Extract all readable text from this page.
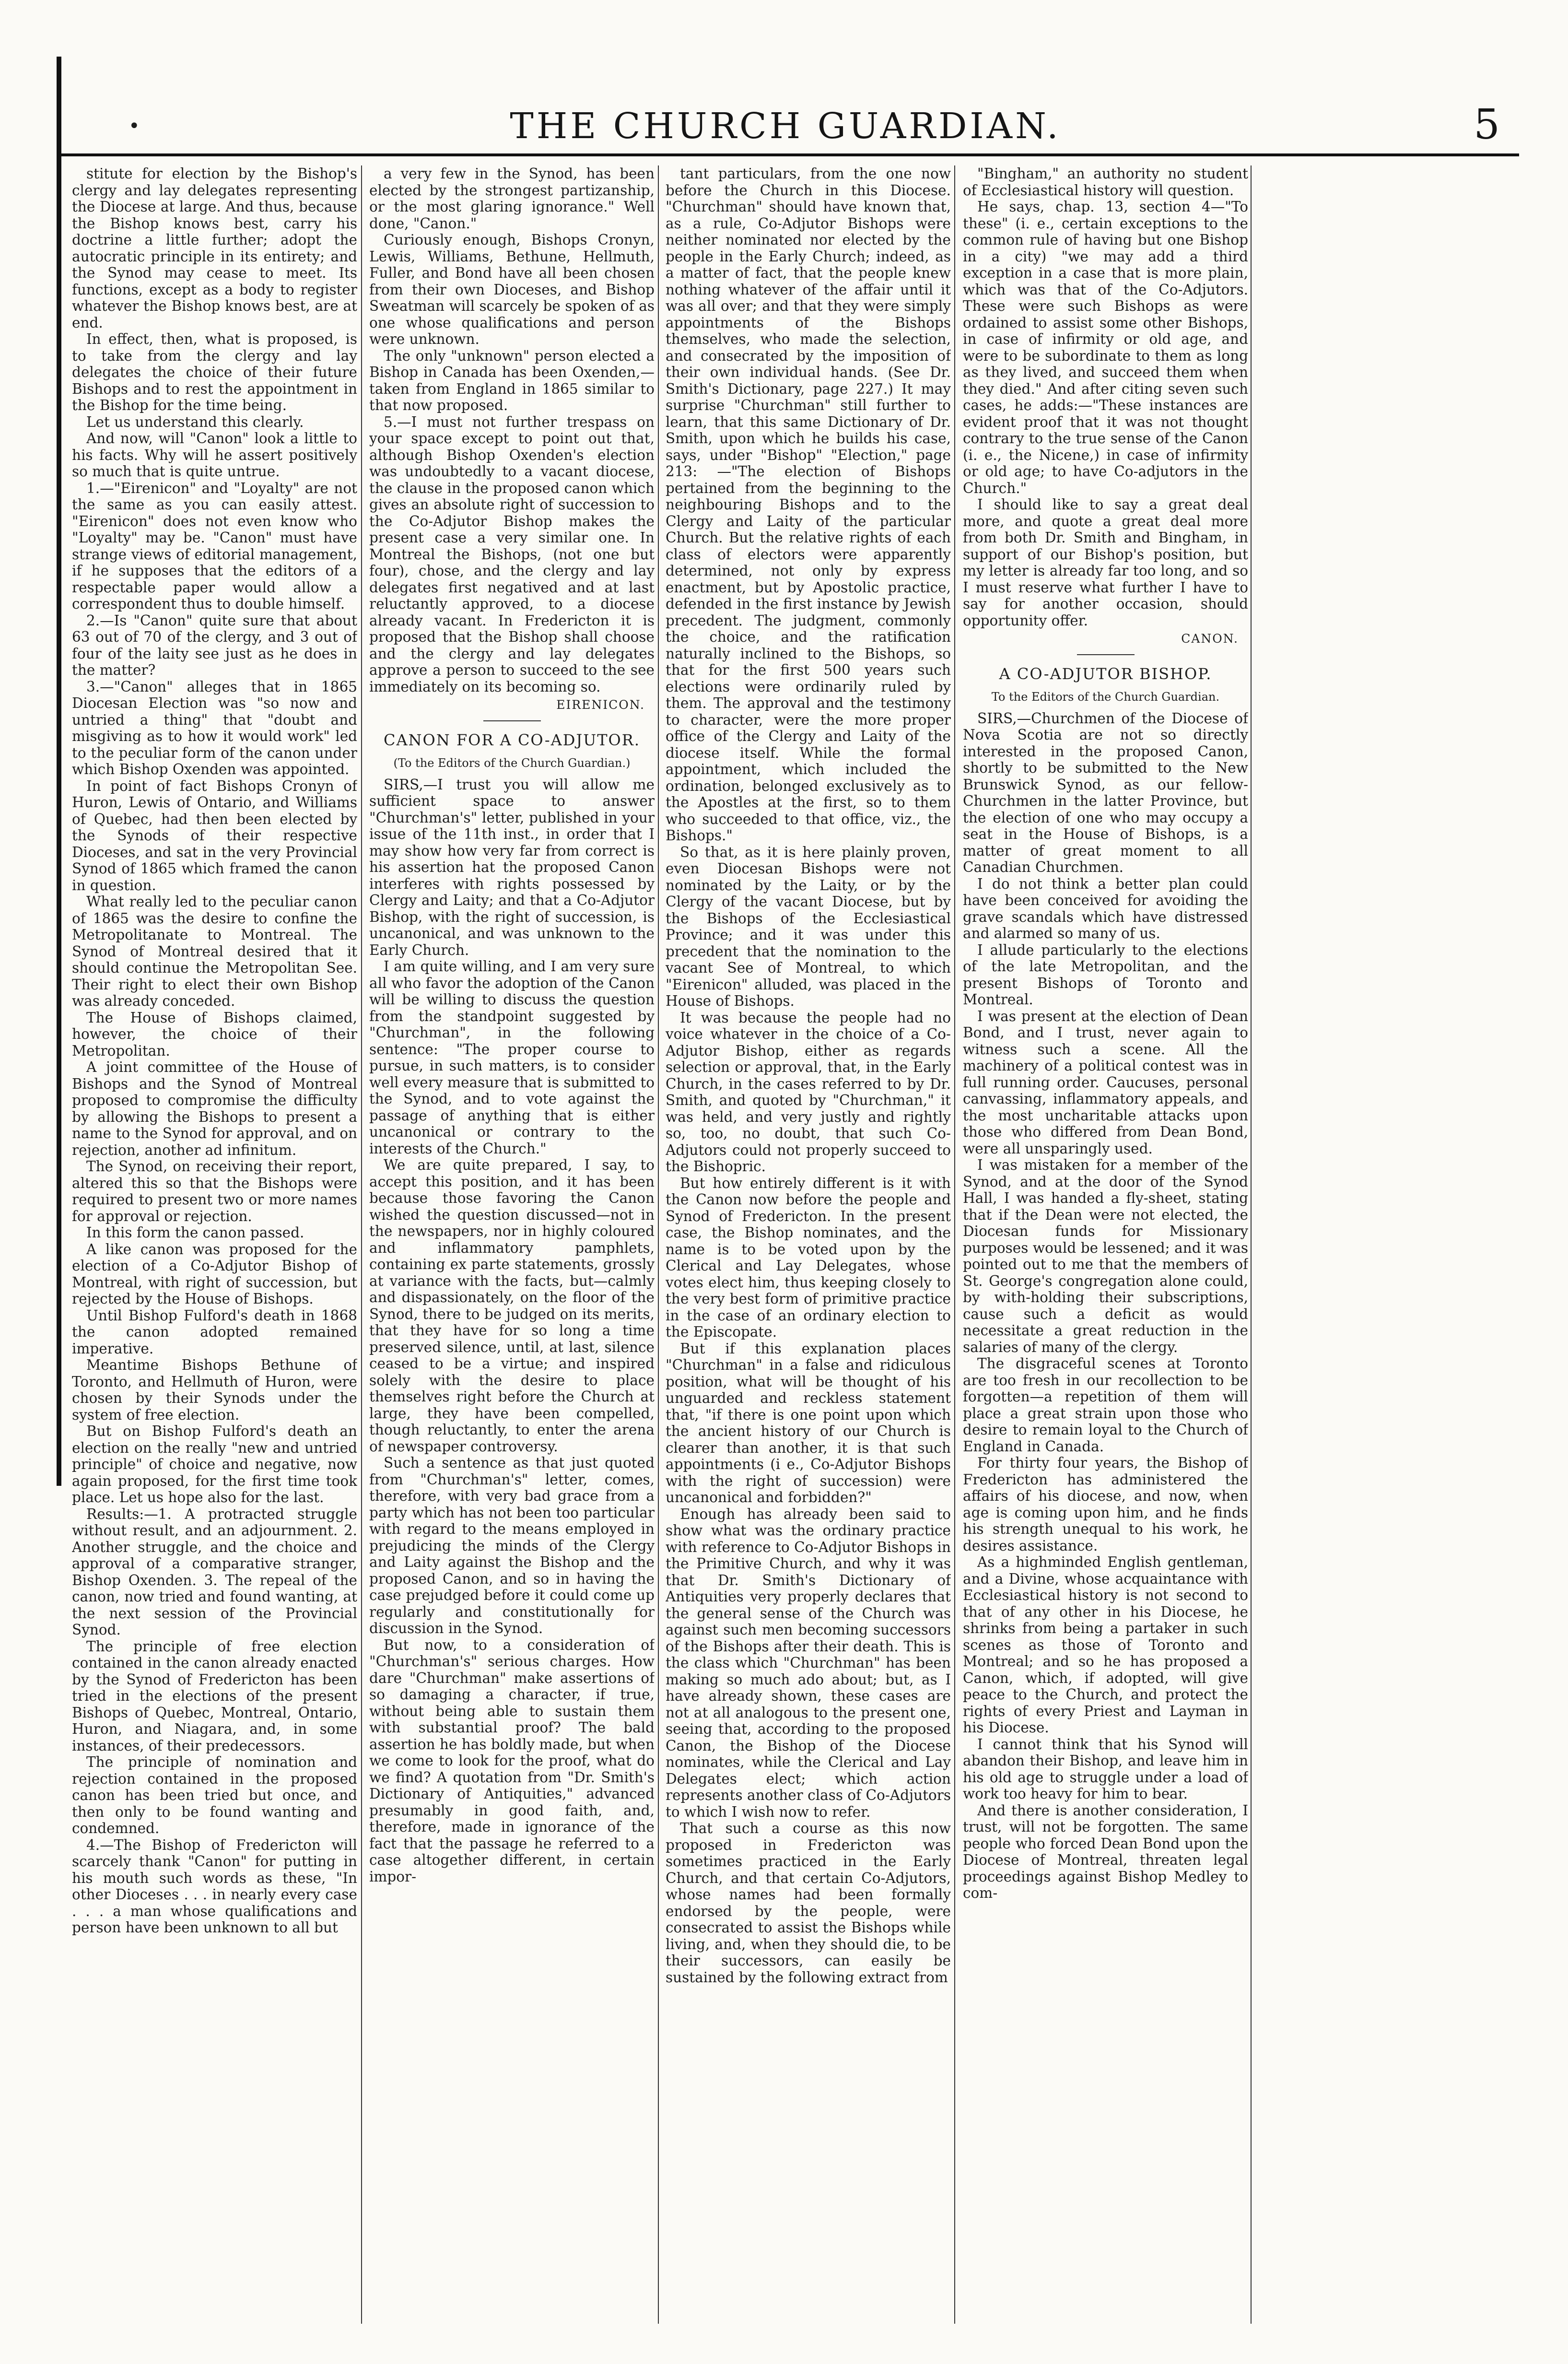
•	THE CHURCH GUARDIAN.	5

stitute for election by the Bishop's clergy and lay delegates representing the Diocese at large. And thus, because the Bishop knows best, carry his doctrine a little further; adopt the autocratic principle in its entirety; and the Synod may cease to meet. Its functions, except as a body to register whatever the Bishop knows best, are at end.

In effect, then, what is proposed, is to take from the clergy and lay delegates the choice of their future Bishops and to rest the appointment in the Bishop for the time being.

Let us understand this clearly.

And now, will "Canon" look a little to his facts. Why will he assert positively so much that is quite untrue.

1.—"Eirenicon" and "Loyalty" are not the same as you can easily attest. "Eirenicon" does not even know who "Loyalty" may be. "Canon" must have strange views of editorial management, if he supposes that the editors of a respectable paper would allow a correspondent thus to double himself.

2.—Is "Canon" quite sure that about 63 out of 70 of the clergy, and 3 out of four of the laity see just as he does in the matter?

3.—"Canon" alleges that in 1865 Diocesan Election was "so now and untried a thing" that "doubt and misgiving as to how it would work" led to the peculiar form of the canon under which Bishop Oxenden was appointed.

In point of fact Bishops Cronyn of Huron, Lewis of Ontario, and Williams of Quebec, had then been elected by the Synods of their respective Dioceses, and sat in the very Provincial Synod of 1865 which framed the canon in question.

What really led to the peculiar canon of 1865 was the desire to confine the Metropolitanate to Montreal. The Synod of Montreal desired that it should continue the Metropolitan See. Their right to elect their own Bishop was already conceded.

The House of Bishops claimed, however, the choice of their Metropolitan.

A joint committee of the House of Bishops and the Synod of Montreal proposed to compromise the difficulty by allowing the Bishops to present a name to the Synod for approval, and on rejection, another ad infinitum.

The Synod, on receiving their report, altered this so that the Bishops were required to present two or more names for approval or rejection.

In this form the canon passed.

A like canon was proposed for the election of a Co-Adjutor Bishop of Montreal, with right of succession, but rejected by the House of Bishops.

Until Bishop Fulford's death in 1868 the canon adopted remained imperative.

Meantime Bishops Bethune of Toronto, and Hellmuth of Huron, were chosen by their Synods under the system of free election.

But on Bishop Fulford's death an election on the really "new and untried principle" of choice and negative, now again proposed, for the first time took place. Let us hope also for the last.

Results:—1. A protracted struggle without result, and an adjournment. 2. Another struggle, and the choice and approval of a comparative stranger, Bishop Oxenden. 3. The repeal of the canon, now tried and found wanting, at the next session of the Provincial Synod.

The principle of free election contained in the canon already enacted by the Synod of Fredericton has been tried in the elections of the present Bishops of Quebec, Montreal, Ontario, Huron, and Niagara, and, in some instances, of their predecessors.

The principle of nomination and rejection contained in the proposed canon has been tried but once, and then only to be found wanting and condemned.

4.—The Bishop of Fredericton will scarcely thank "Canon" for putting in his mouth such words as these, "In other Dioceses . . . in nearly every case . . . a man whose qualifications and person have been unknown to all but

a very few in the Synod, has been elected by the strongest partizanship, or the most glaring ignorance." Well done, "Canon."

Curiously enough, Bishops Cronyn, Lewis, Williams, Bethune, Hellmuth, Fuller, and Bond have all been chosen from their own Dioceses, and Bishop Sweatman will scarcely be spoken of as one whose qualifications and person were unknown.

The only "unknown" person elected a Bishop in Canada has been Oxenden,—taken from England in 1865 similar to that now proposed.

5.—I must not further trespass on your space except to point out that, although Bishop Oxenden's election was undoubtedly to a vacant diocese, the clause in the proposed canon which gives an absolute right of succession to the Co-Adjutor Bishop makes the present case a very similar one. In Montreal the Bishops, (not one but four), chose, and the clergy and lay delegates first negatived and at last reluctantly approved, to a diocese already vacant. In Fredericton it is proposed that the Bishop shall choose and the clergy and lay delegates approve a person to succeed to the see immediately on its becoming so.

EIRENICON.

CANON FOR A CO-ADJUTOR.
(To the Editors of the Church Guardian.)

SIRS,—I trust you will allow me sufficient space to answer "Churchman's" letter, published in your issue of the 11th inst., in order that I may show how very far from correct is his assertion hat the proposed Canon interferes with rights possessed by Clergy and Laity; and that a Co-Adjutor Bishop, with the right of succession, is uncanonical, and was unknown to the Early Church.

I am quite willing, and I am very sure all who favor the adoption of the Canon will be willing to discuss the question from the standpoint suggested by "Churchman", in the following sentence: "The proper course to pursue, in such matters, is to consider well every measure that is submitted to the Synod, and to vote against the passage of anything that is either uncanonical or contrary to the interests of the Church."

We are quite prepared, I say, to accept this position, and it has been because those favoring the Canon wished the question discussed—not in the newspapers, nor in highly coloured and inflammatory pamphlets, containing ex parte statements, grossly at variance with the facts, but—calmly and dispassionately, on the floor of the Synod, there to be judged on its merits, that they have for so long a time preserved silence, until, at last, silence ceased to be a virtue; and inspired solely with the desire to place themselves right before the Church at large, they have been compelled, though reluctantly, to enter the arena of newspaper controversy.

Such a sentence as that just quoted from "Churchman's" letter, comes, therefore, with very bad grace from a party which has not been too particular with regard to the means employed in prejudicing the minds of the Clergy and Laity against the Bishop and the proposed Canon, and so in having the case prejudged before it could come up regularly and constitutionally for discussion in the Synod.

But now, to a consideration of "Churchman's" serious charges. How dare "Churchman" make assertions of so damaging a character, if true, without being able to sustain them with substantial proof? The bald assertion he has boldly made, but when we come to look for the proof, what do we find? A quotation from "Dr. Smith's Dictionary of Antiquities," advanced presumably in good faith, and, therefore, made in ignorance of the fact that the passage he referred to a case altogether different, in certain impor-

tant particulars, from the one now before the Church in this Diocese. "Churchman" should have known that, as a rule, Co-Adjutor Bishops were neither nominated nor elected by the people in the Early Church; indeed, as a matter of fact, that the people knew nothing whatever of the affair until it was all over; and that they were simply appointments of the Bishops themselves, who made the selection, and consecrated by the imposition of their own individual hands. (See Dr. Smith's Dictionary, page 227.) It may surprise "Churchman" still further to learn, that this same Dictionary of Dr. Smith, upon which he builds his case, says, under "Bishop" "Election," page 213: —"The election of Bishops pertained from the beginning to the neighbouring Bishops and to the Clergy and Laity of the particular Church. But the relative rights of each class of electors were apparently determined, not only by express enactment, but by Apostolic practice, defended in the first instance by Jewish precedent. The judgment, commonly the choice, and the ratification naturally inclined to the Bishops, so that for the first 500 years such elections were ordinarily ruled by them. The approval and the testimony to character, were the more proper office of the Clergy and Laity of the diocese itself. While the formal appointment, which included the ordination, belonged exclusively as to the Apostles at the first, so to them who succeeded to that office, viz., the Bishops."

So that, as it is here plainly proven, even Diocesan Bishops were not nominated by the Laity, or by the Clergy of the vacant Diocese, but by the Bishops of the Ecclesiastical Province; and it was under this precedent that the nomination to the vacant See of Montreal, to which "Eirenicon" alluded, was placed in the House of Bishops.

It was because the people had no voice whatever in the choice of a Co-Adjutor Bishop, either as regards selection or approval, that, in the Early Church, in the cases referred to by Dr. Smith, and quoted by "Churchman," it was held, and very justly and rightly so, too, no doubt, that such Co-Adjutors could not properly succeed to the Bishopric.

But how entirely different is it with the Canon now before the people and Synod of Fredericton. In the present case, the Bishop nominates, and the name is to be voted upon by the Clerical and Lay Delegates, whose votes elect him, thus keeping closely to the very best form of primitive practice in the case of an ordinary election to the Episcopate.

But if this explanation places "Churchman" in a false and ridiculous position, what will be thought of his unguarded and reckless statement that, "if there is one point upon which the ancient history of our Church is clearer than another, it is that such appointments (i e., Co-Adjutor Bishops with the right of succession) were uncanonical and forbidden?"

Enough has already been said to show what was the ordinary practice with reference to Co-Adjutor Bishops in the Primitive Church, and why it was that Dr. Smith's Dictionary of Antiquities very properly declares that the general sense of the Church was against such men becoming successors of the Bishops after their death. This is the class which "Churchman" has been making so much ado about; but, as I have already shown, these cases are not at all analogous to the present one, seeing that, according to the proposed Canon, the Bishop of the Diocese nominates, while the Clerical and Lay Delegates elect; which action represents another class of Co-Adjutors to which I wish now to refer.

That such a course as this now proposed in Fredericton was sometimes practiced in the Early Church, and that certain Co-Adjutors, whose names had been formally endorsed by the people, were consecrated to assist the Bishops while living, and, when they should die, to be their successors, can easily be sustained by the following extract from

"Bingham," an authority no student of Ecclesiastical history will question.

He says, chap. 13, section 4—"To these" (i. e., certain exceptions to the common rule of having but one Bishop in a city) "we may add a third exception in a case that is more plain, which was that of the Co-Adjutors. These were such Bishops as were ordained to assist some other Bishops, in case of infirmity or old age, and were to be subordinate to them as long as they lived, and succeed them when they died." And after citing seven such cases, he adds:—"These instances are evident proof that it was not thought contrary to the true sense of the Canon (i. e., the Nicene,) in case of infirmity or old age; to have Co-adjutors in the Church."

I should like to say a great deal more, and quote a great deal more from both Dr. Smith and Bingham, in support of our Bishop's position, but my letter is already far too long, and so I must reserve what further I have to say for another occasion, should opportunity offer.

CANON.

A CO-ADJUTOR BISHOP.
To the Editors of the Church Guardian.

SIRS,—Churchmen of the Diocese of Nova Scotia are not so directly interested in the proposed Canon, shortly to be submitted to the New Brunswick Synod, as our fellow-Churchmen in the latter Province, but the election of one who may occupy a seat in the House of Bishops, is a matter of great moment to all Canadian Churchmen.

I do not think a better plan could have been conceived for avoiding the grave scandals which have distressed and alarmed so many of us.

I allude particularly to the elections of the late Metropolitan, and the present Bishops of Toronto and Montreal.

I was present at the election of Dean Bond, and I trust, never again to witness such a scene. All the machinery of a political contest was in full running order. Caucuses, personal canvassing, inflammatory appeals, and the most uncharitable attacks upon those who differed from Dean Bond, were all unsparingly used.

I was mistaken for a member of the Synod, and at the door of the Synod Hall, I was handed a fly-sheet, stating that if the Dean were not elected, the Diocesan funds for Missionary purposes would be lessened; and it was pointed out to me that the members of St. George's congregation alone could, by with-holding their subscriptions, cause such a deficit as would necessitate a great reduction in the salaries of many of the clergy.

The disgraceful scenes at Toronto are too fresh in our recollection to be forgotten—a repetition of them will place a great strain upon those who desire to remain loyal to the Church of England in Canada.

For thirty four years, the Bishop of Fredericton has administered the affairs of his diocese, and now, when age is coming upon him, and he finds his strength unequal to his work, he desires assistance.

As a highminded English gentleman, and a Divine, whose acquaintance with Ecclesiastical history is not second to that of any other in his Diocese, he shrinks from being a partaker in such scenes as those of Toronto and Montreal; and so he has proposed a Canon, which, if adopted, will give peace to the Church, and protect the rights of every Priest and Layman in his Diocese.

I cannot think that his Synod will abandon their Bishop, and leave him in his old age to struggle under a load of work too heavy for him to bear.

And there is another consideration, I trust, will not be forgotten. The same people who forced Dean Bond upon the Diocese of Montreal, threaten legal proceedings against Bishop Medley to com-
